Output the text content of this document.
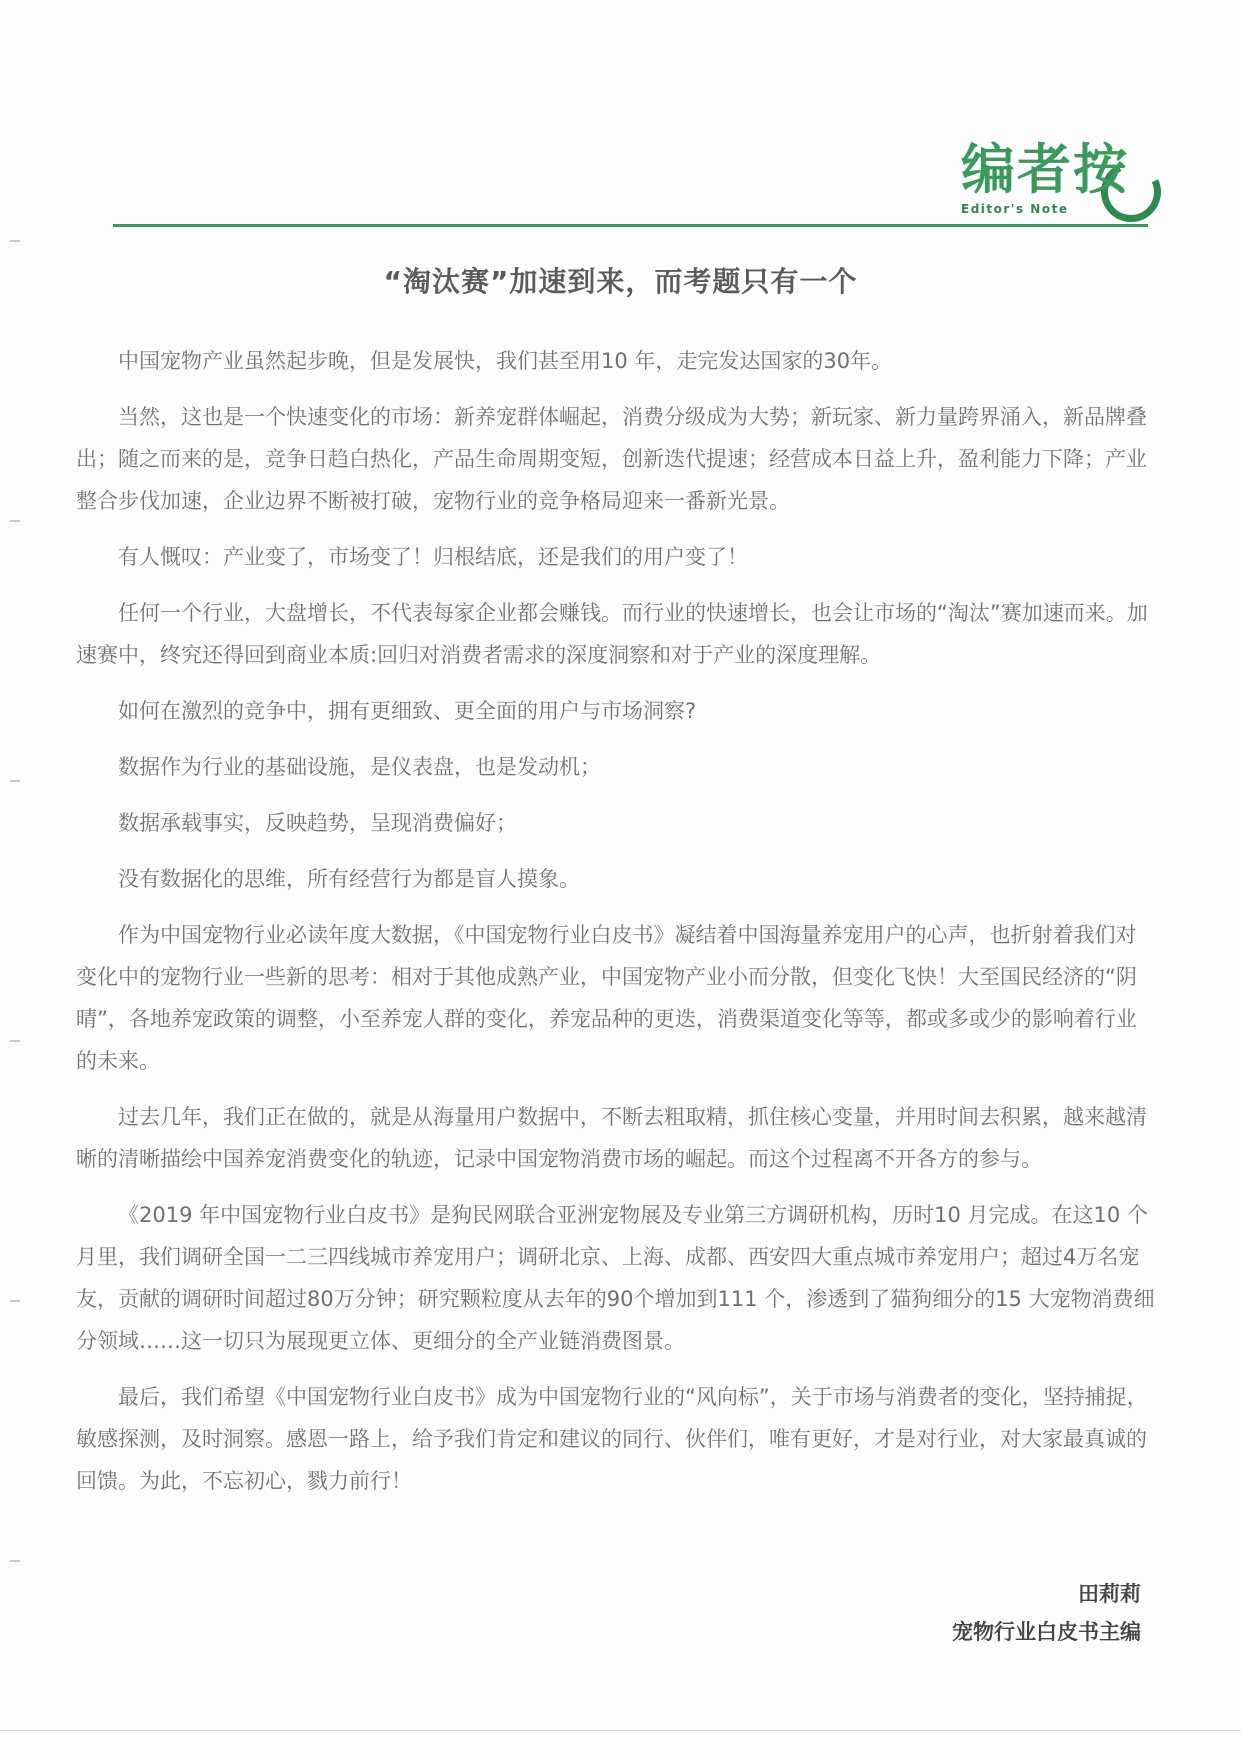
编者按
Editor's Note
“淘汰赛”加速到来，而考题只有一个

中国宠物产业虽然起步晚，但是发展快，我们甚至用10 年，走完发达国家的30年。

当然，这也是一个快速变化的市场：新养宠群体崛起，消费分级成为大势；新玩家、新力量跨界涌入，新品牌叠出；随之而来的是，竞争日趋白热化，产品生命周期变短，创新迭代提速；经营成本日益上升，盈利能力下降；产业整合步伐加速，企业边界不断被打破，宠物行业的竞争格局迎来一番新光景。

有人慨叹：产业变了，市场变了！归根结底，还是我们的用户变了！

任何一个行业，大盘增长，不代表每家企业都会赚钱。而行业的快速增长，也会让市场的“淘汰”赛加速而来。加速赛中，终究还得回到商业本质:回归对消费者需求的深度洞察和对于产业的深度理解。

如何在激烈的竞争中，拥有更细致、更全面的用户与市场洞察?

数据作为行业的基础设施，是仪表盘，也是发动机；

数据承载事实，反映趋势，呈现消费偏好；

没有数据化的思维，所有经营行为都是盲人摸象。

作为中国宠物行业必读年度大数据，《中国宠物行业白皮书》凝结着中国海量养宠用户的心声，也折射着我们对变化中的宠物行业一些新的思考：相对于其他成熟产业，中国宠物产业小而分散，但变化飞快！大至国民经济的“阴晴”，各地养宠政策的调整，小至养宠人群的变化，养宠品种的更迭，消费渠道变化等等，都或多或少的影响着行业的未来。

过去几年，我们正在做的，就是从海量用户数据中，不断去粗取精，抓住核心变量，并用时间去积累，越来越清晰的清晰描绘中国养宠消费变化的轨迹，记录中国宠物消费市场的崛起。而这个过程离不开各方的参与。

《2019 年中国宠物行业白皮书》是狗民网联合亚洲宠物展及专业第三方调研机构，历时10 月完成。在这10 个月里，我们调研全国一二三四线城市养宠用户；调研北京、上海、成都、西安四大重点城市养宠用户；超过4万名宠友，贡献的调研时间超过80万分钟；研究颗粒度从去年的90个增加到111 个，渗透到了猫狗细分的15 大宠物消费细分领域……这一切只为展现更立体、更细分的全产业链消费图景。

最后，我们希望《中国宠物行业白皮书》成为中国宠物行业的“风向标”，关于市场与消费者的变化，坚持捕捉，敏感探测，及时洞察。感恩一路上，给予我们肯定和建议的同行、伙伴们，唯有更好，才是对行业，对大家最真诚的回馈。为此，不忘初心，戮力前行！

田莉莉
宠物行业白皮书主编
